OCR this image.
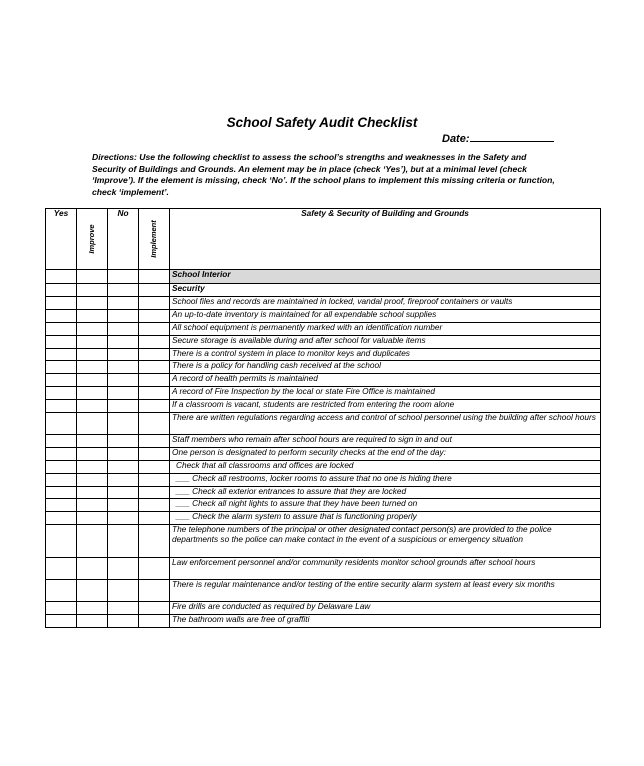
School Safety Audit Checklist
Date:
Directions: Use the following checklist to assess the school’s strengths and weaknesses in the Safety and Security of Buildings and Grounds. An element may be in place (check ‘Yes’), but at a minimal level (check ‘Improve’). If the element is missing, check ‘No’. If the school plans to implement this missing criteria or function, check ‘implement’.
Yes	Improve	No	Implement	Safety & Security of Building and Grounds
				School Interior
				Security
				School files and records are maintained in locked, vandal proof, fireproof containers or vaults
				An up-to-date inventory is maintained for all expendable school supplies
				All school equipment is permanently marked with an identification number
				Secure storage is available during and after school for valuable items
				There is a control system in place to monitor keys and duplicates
				There is a policy for handling cash received at the school
				A record of health permits is maintained
				A record of Fire Inspection by the local or state Fire Office is maintained
				If a classroom is vacant, students are restricted from entering the room alone
				There are written regulations regarding access and control of school personnel using the building after school hours
				Staff members who remain after school hours are required to sign in and out
				One person is designated to perform security checks at the end of the day:
				Check that all classrooms and offices are locked
				___ Check all restrooms, locker rooms to assure that no one is hiding there
				___ Check all exterior entrances to assure that they are locked
				___ Check all night lights to assure that they have been turned on
				___ Check the alarm system to assure that is functioning properly
				The telephone numbers of the principal or other designated contact person(s) are provided to the police departments so the police can make contact in the event of a suspicious or emergency situation
				Law enforcement personnel and/or community residents monitor school grounds after school hours
				There is regular maintenance and/or testing of the entire security alarm system at least every six months
				Fire drills are conducted as required by Delaware Law
				The bathroom walls are free of graffiti
